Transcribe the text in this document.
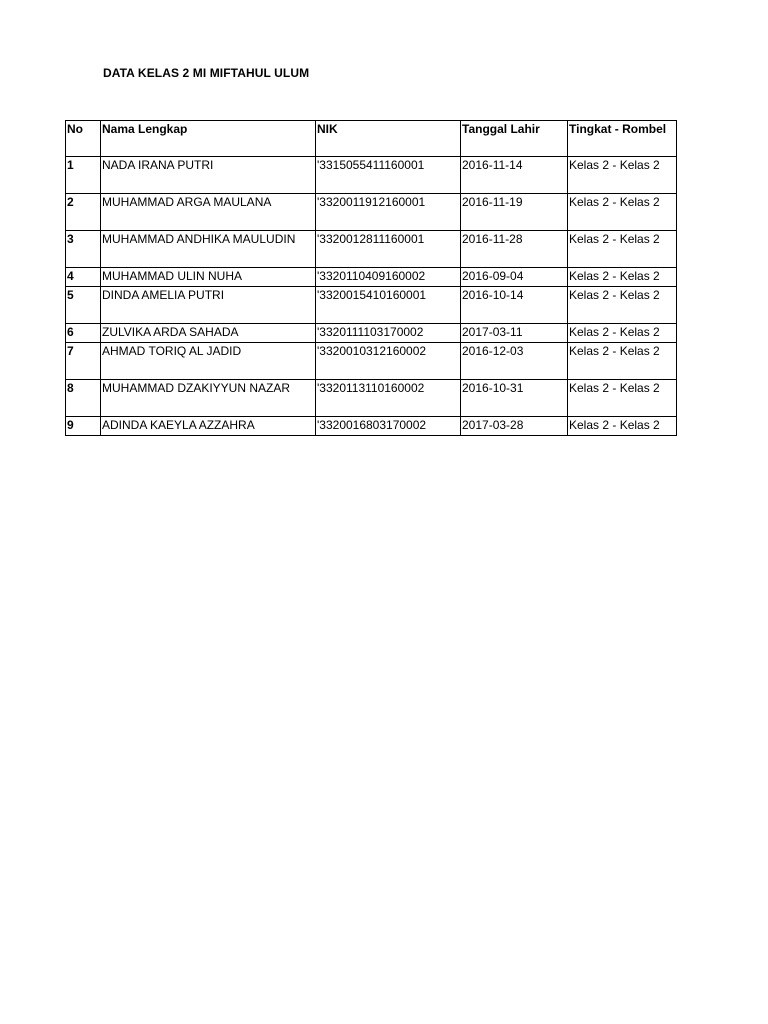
DATA KELAS 2 MI MIFTAHUL ULUM
No	Nama Lengkap	NIK	Tanggal Lahir	Tingkat - Rombel
1	NADA IRANA PUTRI	'3315055411160001	2016-11-14	Kelas 2 - Kelas 2
2	MUHAMMAD ARGA MAULANA	'3320011912160001	2016-11-19	Kelas 2 - Kelas 2
3	MUHAMMAD ANDHIKA MAULUDIN	'3320012811160001	2016-11-28	Kelas 2 - Kelas 2
4	MUHAMMAD ULIN NUHA	'3320110409160002	2016-09-04	Kelas 2 - Kelas 2
5	DINDA AMELIA PUTRI	'3320015410160001	2016-10-14	Kelas 2 - Kelas 2
6	ZULVIKA ARDA SAHADA	'3320111103170002	2017-03-11	Kelas 2 - Kelas 2
7	AHMAD TORIQ AL JADID	'3320010312160002	2016-12-03	Kelas 2 - Kelas 2
8	MUHAMMAD DZAKIYYUN NAZAR	'3320113110160002	2016-10-31	Kelas 2 - Kelas 2
9	ADINDA KAEYLA AZZAHRA	'3320016803170002	2017-03-28	Kelas 2 - Kelas 2
